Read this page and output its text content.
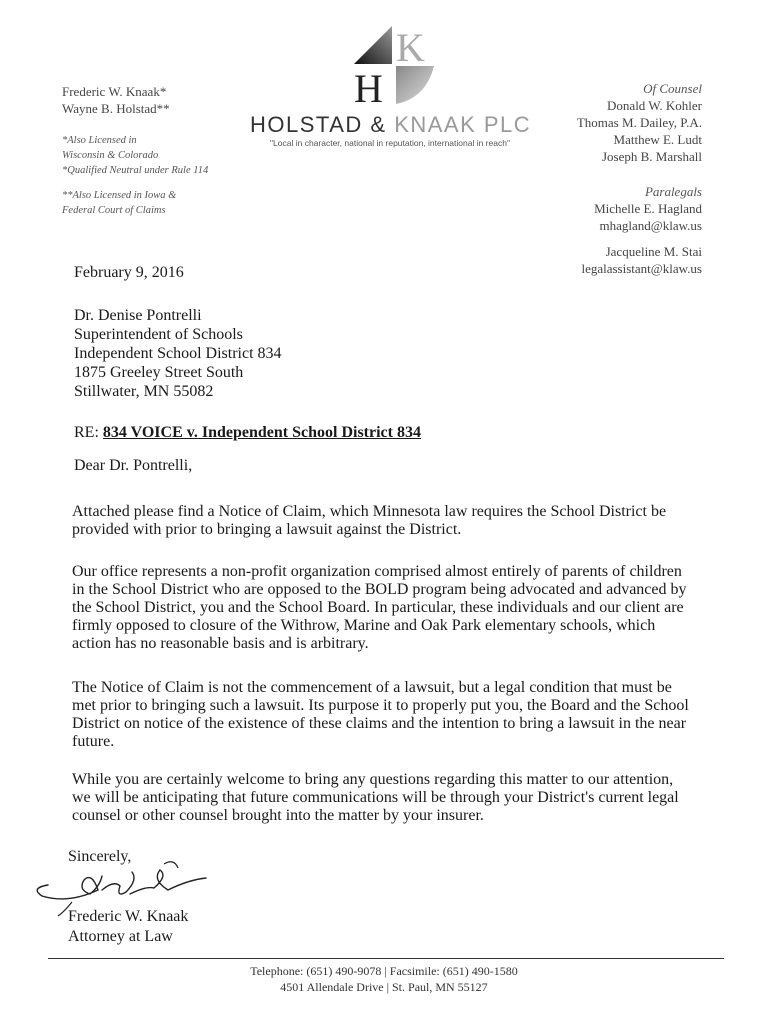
Frederic W. Knaak*
Wayne B. Holstad**
*Also Licensed in
Wisconsin & Colorado
*Qualified Neutral under Rule 114
**Also Licensed in Iowa &
Federal Court of Claims
K
H
HOLSTAD & KNAAK PLC
"Local in character, national in reputation, international in reach"
Of Counsel
Donald W. Kohler
Thomas M. Dailey, P.A.
Matthew E. Ludt
Joseph B. Marshall
Paralegals
Michelle E. Hagland
mhagland@klaw.us
Jacqueline M. Stai
legalassistant@klaw.us
February 9, 2016
Dr. Denise Pontrelli
Superintendent of Schools
Independent School District 834
1875 Greeley Street South
Stillwater, MN 55082
RE: 834 VOICE v. Independent School District 834
Dear Dr. Pontrelli,
Attached please find a Notice of Claim, which Minnesota law requires the School District be provided with prior to bringing a lawsuit against the District.
Our office represents a non-profit organization comprised almost entirely of parents of children in the School District who are opposed to the BOLD program being advocated and advanced by the School District, you and the School Board. In particular, these individuals and our client are firmly opposed to closure of the Withrow, Marine and Oak Park elementary schools, which action has no reasonable basis and is arbitrary.
The Notice of Claim is not the commencement of a lawsuit, but a legal condition that must be met prior to bringing such a lawsuit. Its purpose it to properly put you, the Board and the School District on notice of the existence of these claims and the intention to bring a lawsuit in the near future.
While you are certainly welcome to bring any questions regarding this matter to our attention, we will be anticipating that future communications will be through your District's current legal counsel or other counsel brought into the matter by your insurer.
Sincerely,
Frederic W. Knaak
Attorney at Law
Telephone: (651) 490-9078 | Facsimile: (651) 490-1580
4501 Allendale Drive | St. Paul, MN 55127
